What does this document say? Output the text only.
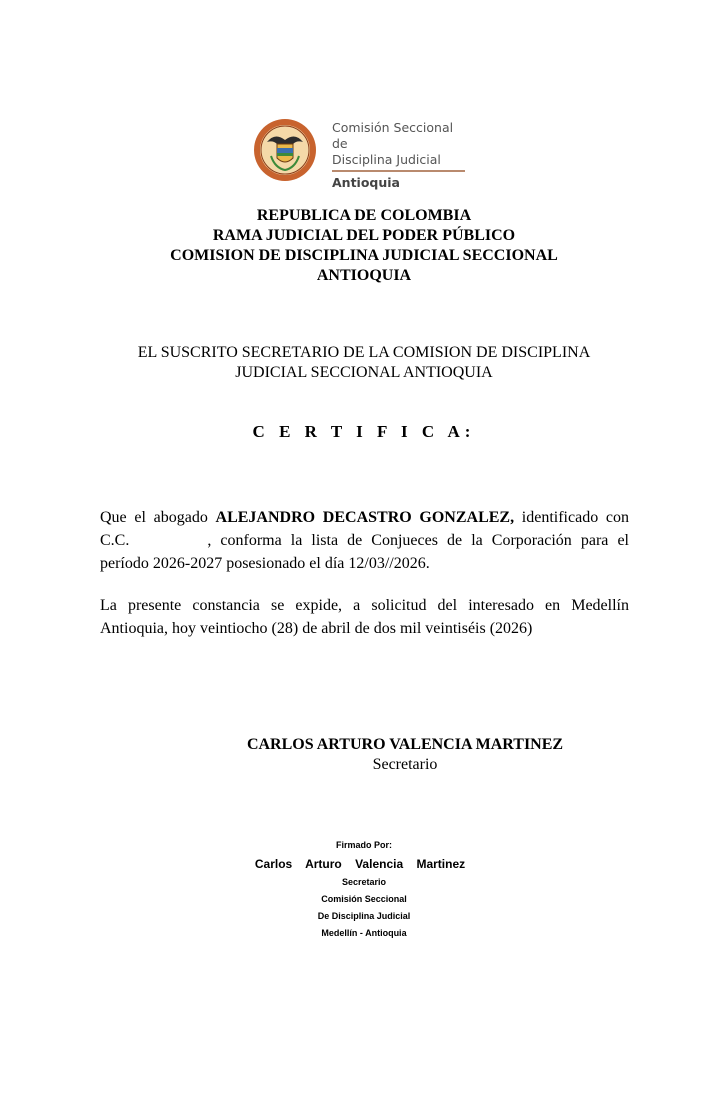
Comisión Seccional de
Disciplina Judicial
Antioquia
REPUBLICA DE COLOMBIA
RAMA JUDICIAL DEL PODER PÚBLICO
COMISION DE DISCIPLINA JUDICIAL SECCIONAL
ANTIOQUIA
EL SUSCRITO SECRETARIO DE LA COMISION DE DISCIPLINA
JUDICIAL SECCIONAL ANTIOQUIA
C E R T I F I C A:
Que el abogado ALEJANDRO DECASTRO GONZALEZ, identificado con C.C.	, conforma la lista de Conjueces de la Corporación para el período 2026-2027 posesionado el día 12/03//2026.
La presente constancia se expide, a solicitud del interesado en Medellín Antioquia, hoy veintiocho (28) de abril de dos mil veintiséis (2026)
CARLOS ARTURO VALENCIA MARTINEZ
Secretario
Firmado Por:
Carlos Arturo Valencia Martinez
Secretario
Comisión Seccional
De Disciplina Judicial
Medellín - Antioquia
